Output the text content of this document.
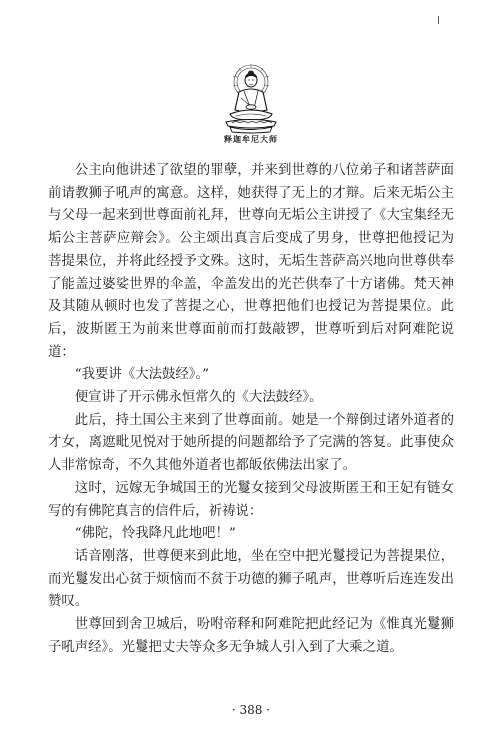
释迦牟尼大师

公主向他讲述了欲望的罪孽，并来到世尊的八位弟子和诸菩萨面前请教狮子吼声的寓意。这样，她获得了无上的才辩。后来无垢公主与父母一起来到世尊面前礼拜，世尊向无垢公主讲授了《大宝集经无垢公主菩萨应辩会》。公主颂出真言后变成了男身，世尊把他授记为菩提果位，并将此经授予文殊。这时，无垢生菩萨高兴地向世尊供奉了能盖过婆娑世界的伞盖，伞盖发出的光芒供奉了十方诸佛。梵天神及其随从顿时也发了菩提之心，世尊把他们也授记为菩提果位。此后，波斯匿王为前来世尊面前而打鼓敲锣，世尊听到后对阿难陀说道：

“我要讲《大法鼓经》。”

便宣讲了开示佛永恒常久的《大法鼓经》。

此后，持土国公主来到了世尊面前。她是一个辩倒过诸外道者的才女，离遮毗见悦对于她所提的问题都给予了完满的答复。此事使众人非常惊奇，不久其他外道者也都皈依佛法出家了。

这时，远嫁无争城国王的光鬘女接到父母波斯匿王和王妃有链女写的有佛陀真言的信件后，祈祷说：

“佛陀，怜我降凡此地吧！”

话音刚落，世尊便来到此地，坐在空中把光鬘授记为菩提果位，而光鬘发出心贫于烦恼而不贫于功德的狮子吼声，世尊听后连连发出赞叹。

世尊回到舍卫城后，吩咐帝释和阿难陀把此经记为《惟真光鬘狮子吼声经》。光鬘把丈夫等众多无争城人引入到了大乘之道。

· 388 ·
